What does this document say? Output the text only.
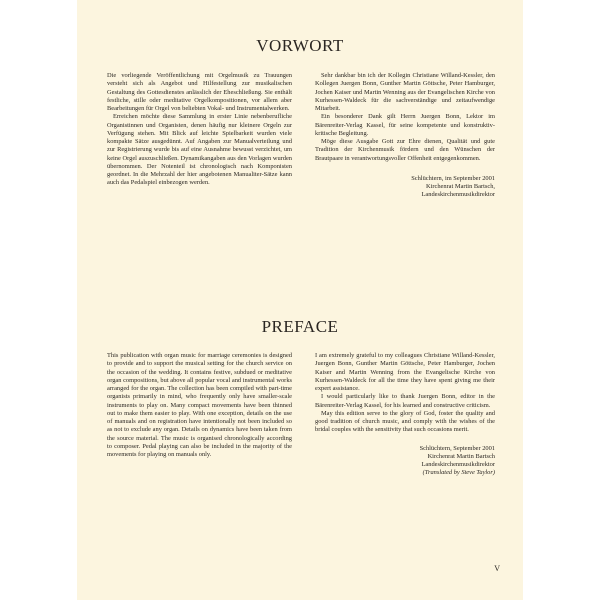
VORWORT

Die vorliegende Veröffentlichung mit Orgelmusik zu Trauungen versteht sich als Angebot und Hilfestellung zur musikalischen Gestaltung des Gottesdienstes anlässlich der Eheschließung. Sie enthält festliche, stille oder meditative Orgelkompositionen, vor allem aber Bearbeitungen für Orgel von beliebten Vokal- und Instrumentalwerken.

Erreichen möchte diese Sammlung in erster Linie nebenberufliche Organistinnen und Organisten, denen häufig nur kleinere Orgeln zur Verfügung stehen. Mit Blick auf leichte Spielbarkeit wurden viele kompakte Sätze ausgedünnt. Auf Angaben zur Manualverteilung und zur Registrierung wurde bis auf eine Ausnahme bewusst verzichtet, um keine Orgel auszuschließen. Dynamikangaben aus den Vorlagen wurden übernommen. Der Notenteil ist chronologisch nach Komponisten geordnet. In die Mehrzahl der hier angebotenen Manualiter-Sätze kann auch das Pedalspiel einbezogen werden.

Sehr dankbar bin ich der Kollegin Christiane Willand-Kessler, den Kollegen Juergen Bonn, Gunther Martin Göttsche, Peter Hamburger, Jochen Kaiser und Martin Wenning aus der Evangelischen Kirche von Kurhessen-Waldeck für die sachverständige und zeitaufwendige Mitarbeit.

Ein besonderer Dank gilt Herrn Juergen Bonn, Lektor im Bärenreiter-Verlag Kassel, für seine kompetente und konstruktiv-kritische Begleitung.

Möge diese Ausgabe Gott zur Ehre dienen, Qualität und gute Tradition der Kirchenmusik fördern und den Wünschen der Brautpaare in verantwortungsvoller Offenheit entgegenkommen.

Schlüchtern, im September 2001

Kirchenrat Martin Bartsch,

Landeskirchenmusikdirektor

PREFACE

This publication with organ music for marriage ceremonies is designed to provide and to support the musical setting for the church service on the occasion of the wedding. It contains festive, subdued or meditative organ compositions, but above all popular vocal and instrumental works arranged for the organ. The collection has been compiled with part-time organists primarily in mind, who frequently only have smaller-scale instruments to play on. Many compact movements have been thinned out to make them easier to play. With one exception, details on the use of manuals and on registration have intentionally not been included so as not to exclude any organ. Details on dynamics have been taken from the source material. The music is organised chronologically according to composer. Pedal playing can also be included in the majority of the movements for playing on manuals only.

I am extremely grateful to my colleagues Christiane Willand-Kessler, Juergen Bonn, Gunther Martin Göttsche, Peter Hamburger, Jochen Kaiser and Martin Wenning from the Evangelische Kirche von Kurhessen-Waldeck for all the time they have spent giving me their expert assistance.

I would particularly like to thank Juergen Bonn, editor in the Bärenreiter-Verlag Kassel, for his learned and constructive criticism.

May this edition serve to the glory of God, foster the quality and good tradition of church music, and comply with the wishes of the bridal couples with the sensitivity that such occasions merit.

Schlüchtern, September 2001

Kirchenrat Martin Bartsch

Landeskirchenmusikdirektor

(Translated by Steve Taylor)

V
